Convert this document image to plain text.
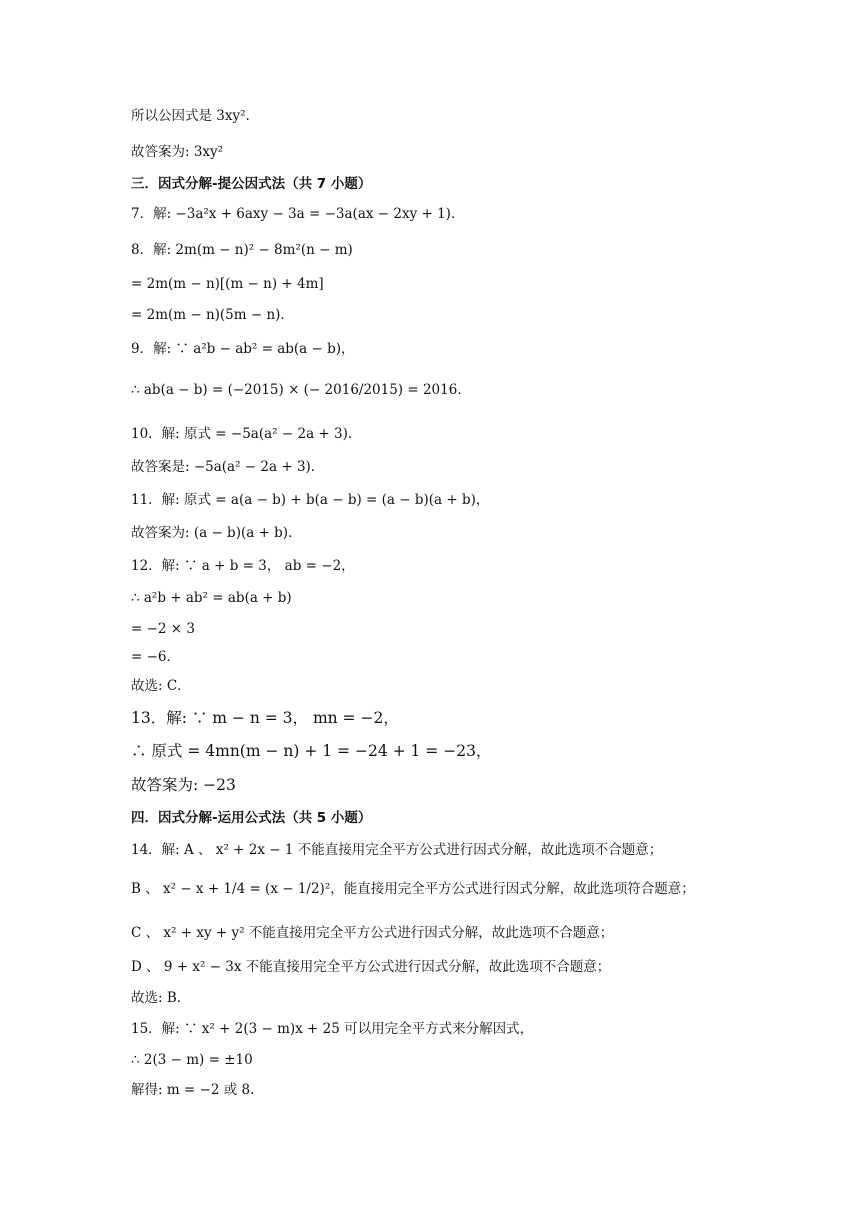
所以公因式是 3xy².
故答案为: 3xy²
三．因式分解-提公因式法（共 7 小题）
7．解: −3a²x + 6axy − 3a = −3a(ax − 2xy + 1)．
8．解: 2m(m − n)² − 8m²(n − m)
= 2m(m − n)[(m − n) + 4m]
= 2m(m − n)(5m − n)．
9．解: ∵ a²b − ab² = ab(a − b)，
∴ ab(a − b) = (−2015) × (− 2016/2015) = 2016．
10．解: 原式 = −5a(a² − 2a + 3)．
故答案是: −5a(a² − 2a + 3)．
11．解: 原式 = a(a − b) + b(a − b) = (a − b)(a + b)，
故答案为: (a − b)(a + b)．
12．解: ∵ a + b = 3， ab = −2，
∴ a²b + ab² = ab(a + b)
= −2 × 3
= −6．
故选: C．
13．解: ∵ m − n = 3， mn = −2，
∴ 原式 = 4mn(m − n) + 1 = −24 + 1 = −23，
故答案为: −23
四．因式分解-运用公式法（共 5 小题）
14．解: A 、 x² + 2x − 1 不能直接用完全平方公式进行因式分解，故此选项不合题意；
B 、 x² − x + 1/4 = (x − 1/2)²，能直接用完全平方公式进行因式分解，故此选项符合题意；
C 、 x² + xy + y² 不能直接用完全平方公式进行因式分解，故此选项不合题意；
D 、 9 + x² − 3x 不能直接用完全平方公式进行因式分解，故此选项不合题意；
故选: B．
15．解: ∵ x² + 2(3 − m)x + 25 可以用完全平方式来分解因式，
∴ 2(3 − m) = ±10
解得: m = −2 或 8.
